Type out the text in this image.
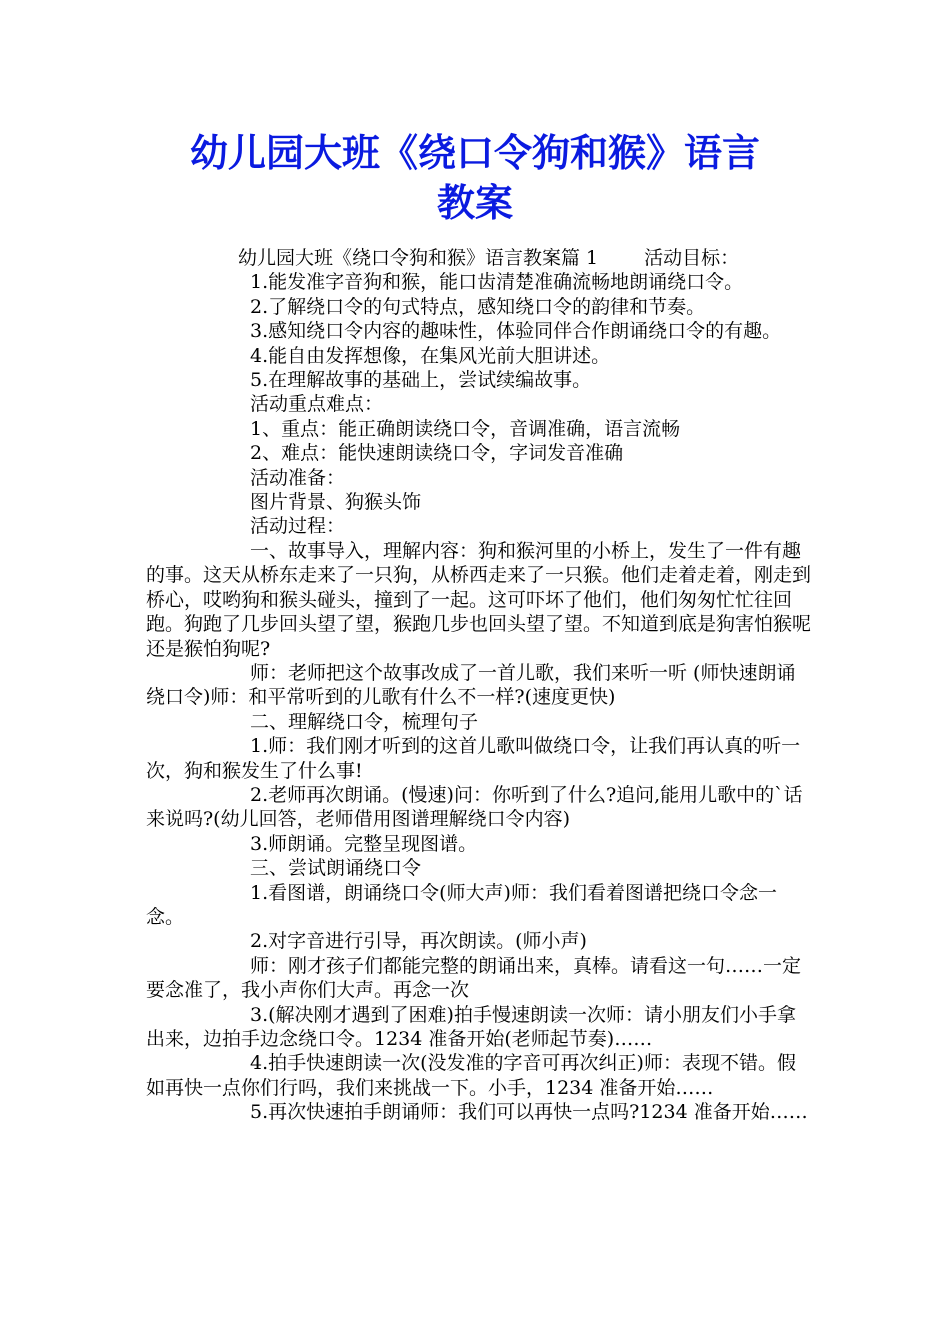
幼儿园大班《绕口令狗和猴》语言
教案

幼儿园大班《绕口令狗和猴》语言教案篇 1 活动目标：

1.能发准字音狗和猴，能口齿清楚准确流畅地朗诵绕口令。

2.了解绕口令的句式特点，感知绕口令的韵律和节奏。

3.感知绕口令内容的趣味性，体验同伴合作朗诵绕口令的有趣。

4.能自由发挥想像，在集风光前大胆讲述。

5.在理解故事的基础上，尝试续编故事。

活动重点难点：

1、重点：能正确朗读绕口令，音调准确，语言流畅

2、难点：能快速朗读绕口令，字词发音准确

活动准备：

图片背景、狗猴头饰

活动过程：

一、故事导入，理解内容：狗和猴河里的小桥上，发生了一件有趣的事。这天从桥东走来了一只狗，从桥西走来了一只猴。他们走着走着，刚走到桥心，哎哟狗和猴头碰头，撞到了一起。这可吓坏了他们，他们匆匆忙忙往回跑。狗跑了几步回头望了望，猴跑几步也回头望了望。不知道到底是狗害怕猴呢还是猴怕狗呢?

师：老师把这个故事改成了一首儿歌，我们来听一听 (师快速朗诵绕口令)师：和平常听到的儿歌有什么不一样?(速度更快)

二、理解绕口令，梳理句子

1.师：我们刚才听到的这首儿歌叫做绕口令，让我们再认真的听一次，狗和猴发生了什么事!

2.老师再次朗诵。(慢速)问：你听到了什么?追问,能用儿歌中的`话来说吗?(幼儿回答，老师借用图谱理解绕口令内容)

3.师朗诵。完整呈现图谱。

三、尝试朗诵绕口令

1.看图谱，朗诵绕口令(师大声)师：我们看着图谱把绕口令念一念。

2.对字音进行引导，再次朗读。(师小声)

师：刚才孩子们都能完整的朗诵出来，真棒。请看这一句……一定要念准了，我小声你们大声。再念一次

3.(解决刚才遇到了困难)拍手慢速朗读一次师：请小朋友们小手拿出来，边拍手边念绕口令。1234 准备开始(老师起节奏)……

4.拍手快速朗读一次(没发准的字音可再次纠正)师：表现不错。假如再快一点你们行吗，我们来挑战一下。小手，1234 准备开始……

5.再次快速拍手朗诵师：我们可以再快一点吗?1234 准备开始……
